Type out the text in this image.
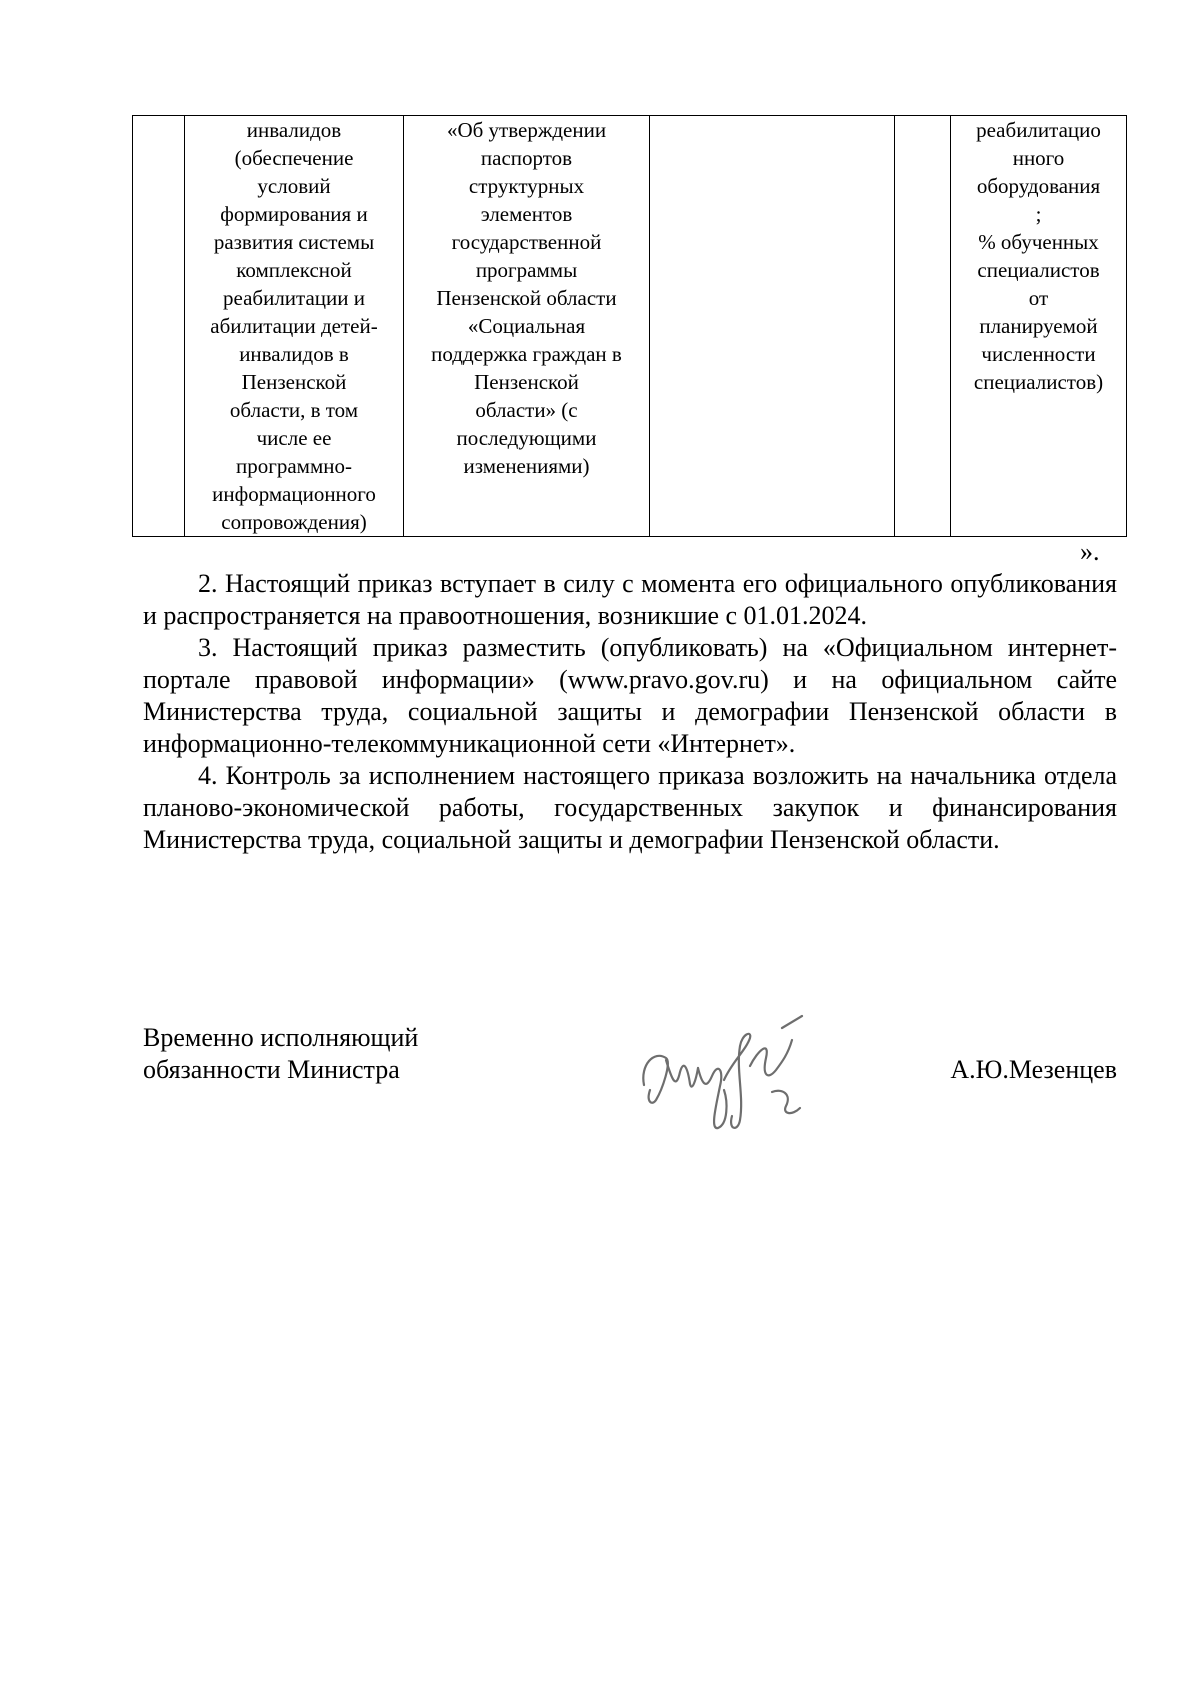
	инвалидов
(обеспечение
условий
формирования и
развития системы
комплексной
реабилитации и
абилитации детей-
инвалидов в
Пензенской
области, в том
числе ее
программно-
информационного
сопровождения)	«Об утверждении
паспортов
структурных
элементов
государственной
программы
Пензенской области
«Социальная
поддержка граждан в
Пензенской
области» (с
последующими
изменениями)			реабилитацио
нного
оборудования
;
% обученных
специалистов
от
планируемой
численности
специалистов)
».

2. Настоящий приказ вступает в силу с момента его официального опубликования и распространяется на правоотношения, возникшие с 01.01.2024.

3. Настоящий приказ разместить (опубликовать) на «Официальном интернет-портале правовой информации» (www.pravo.gov.ru) и на официальном сайте Министерства труда, социальной защиты и демографии Пензенской области в информационно-телекоммуникационной сети «Интернет».

4. Контроль за исполнением настоящего приказа возложить на начальника отдела планово-экономической работы, государственных закупок и финансирования Министерства труда, социальной защиты и демографии Пензенской области.

Временно исполняющий
обязанности Министра	А.Ю.Мезенцев
